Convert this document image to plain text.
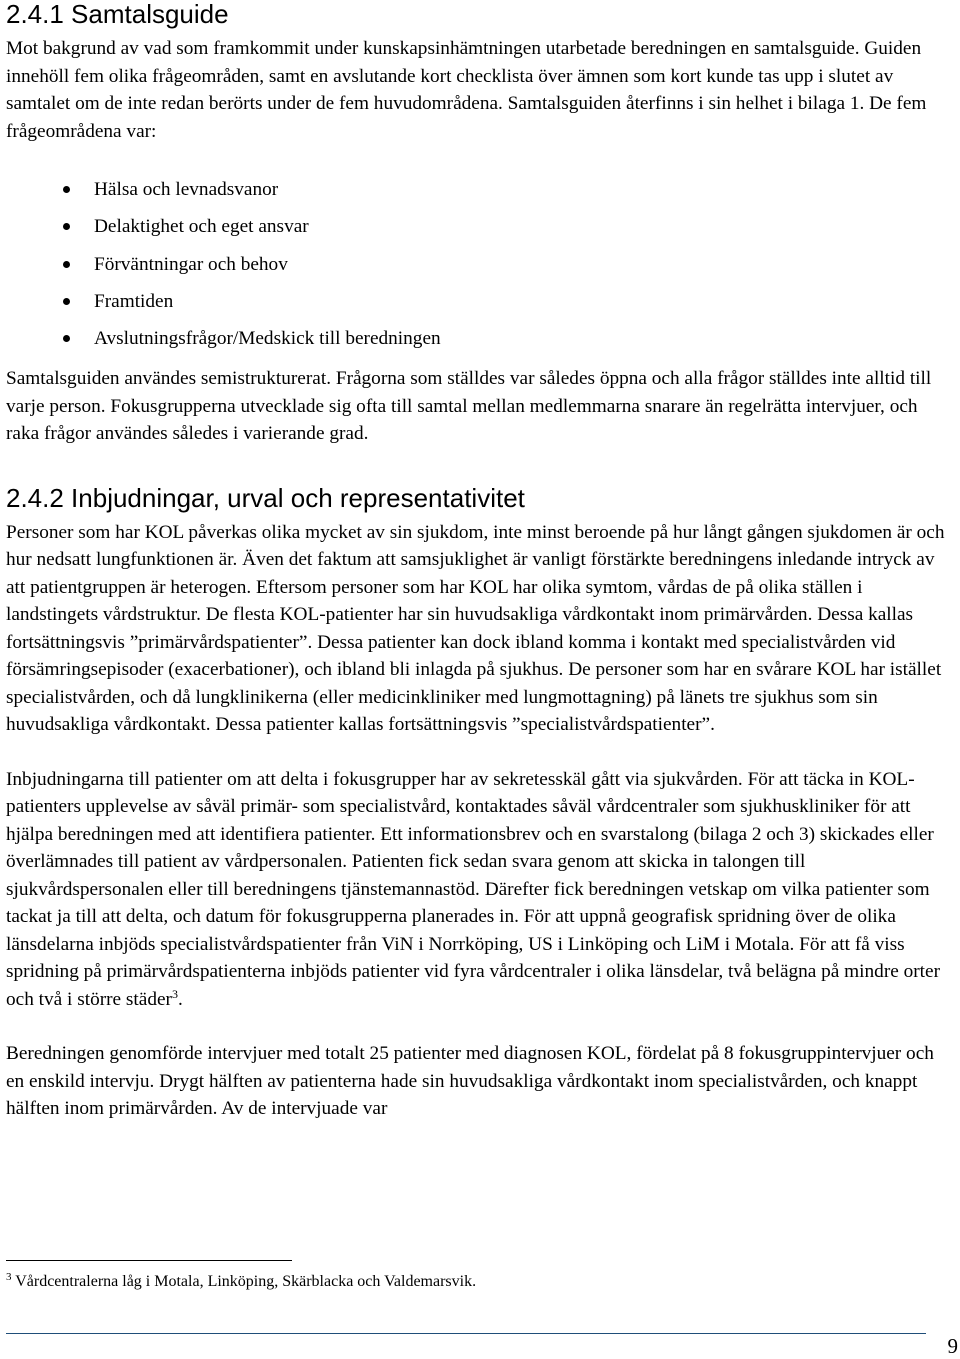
2.4.1 Samtalsguide

Mot bakgrund av vad som framkommit under kunskapsinhämtningen utarbetade beredningen en samtalsguide. Guiden innehöll fem olika frågeområden, samt en avslutande kort checklista över ämnen som kort kunde tas upp i slutet av samtalet om de inte redan berörts under de fem huvudområdena. Samtalsguiden återfinns i sin helhet i bilaga 1. De fem frågeområdena var:

Hälsa och levnadsvanor
Delaktighet och eget ansvar
Förväntningar och behov
Framtiden
Avslutningsfrågor/Medskick till beredningen

Samtalsguiden användes semistrukturerat. Frågorna som ställdes var således öppna och alla frågor ställdes inte alltid till varje person. Fokusgrupperna utvecklade sig ofta till samtal mellan medlemmarna snarare än regelrätta intervjuer, och raka frågor användes således i varierande grad.

2.4.2 Inbjudningar, urval och representativitet

Personer som har KOL påverkas olika mycket av sin sjukdom, inte minst beroende på hur långt gången sjukdomen är och hur nedsatt lungfunktionen är. Även det faktum att samsjuklighet är vanligt förstärkte beredningens inledande intryck av att patientgruppen är heterogen. Eftersom personer som har KOL har olika symtom, vårdas de på olika ställen i landstingets vårdstruktur. De flesta KOL-patienter har sin huvudsakliga vårdkontakt inom primärvården. Dessa kallas fortsättningsvis ”primärvårdspatienter”. Dessa patienter kan dock ibland komma i kontakt med specialistvården vid försämringsepisoder (exacerbationer), och ibland bli inlagda på sjukhus. De personer som har en svårare KOL har istället specialistvården, och då lungklinikerna (eller medicinkliniker med lungmottagning) på länets tre sjukhus som sin huvudsakliga vårdkontakt. Dessa patienter kallas fortsättningsvis ”specialistvårdspatienter”.

Inbjudningarna till patienter om att delta i fokusgrupper har av sekretesskäl gått via sjukvården. För att täcka in KOL-patienters upplevelse av såväl primär- som specialistvård, kontaktades såväl vårdcentraler som sjukhuskliniker för att hjälpa beredningen med att identifiera patienter. Ett informationsbrev och en svarstalong (bilaga 2 och 3) skickades eller överlämnades till patient av vårdpersonalen. Patienten fick sedan svara genom att skicka in talongen till sjukvårdspersonalen eller till beredningens tjänstemannastöd. Därefter fick beredningen vetskap om vilka patienter som tackat ja till att delta, och datum för fokusgrupperna planerades in. För att uppnå geografisk spridning över de olika länsdelarna inbjöds specialistvårdspatienter från ViN i Norrköping, US i Linköping och LiM i Motala. För att få viss spridning på primärvårdspatienterna inbjöds patienter vid fyra vårdcentraler i olika länsdelar, två belägna på mindre orter och två i större städer$^3$.

Beredningen genomförde intervjuer med totalt 25 patienter med diagnosen KOL, fördelat på 8 fokusgruppintervjuer och en enskild intervju. Drygt hälften av patienterna hade sin huvudsakliga vårdkontakt inom specialistvården, och knappt hälften inom primärvården. Av de intervjuade var

$^3$ Vårdcentralerna låg i Motala, Linköping, Skärblacka och Valdemarsvik.
9
